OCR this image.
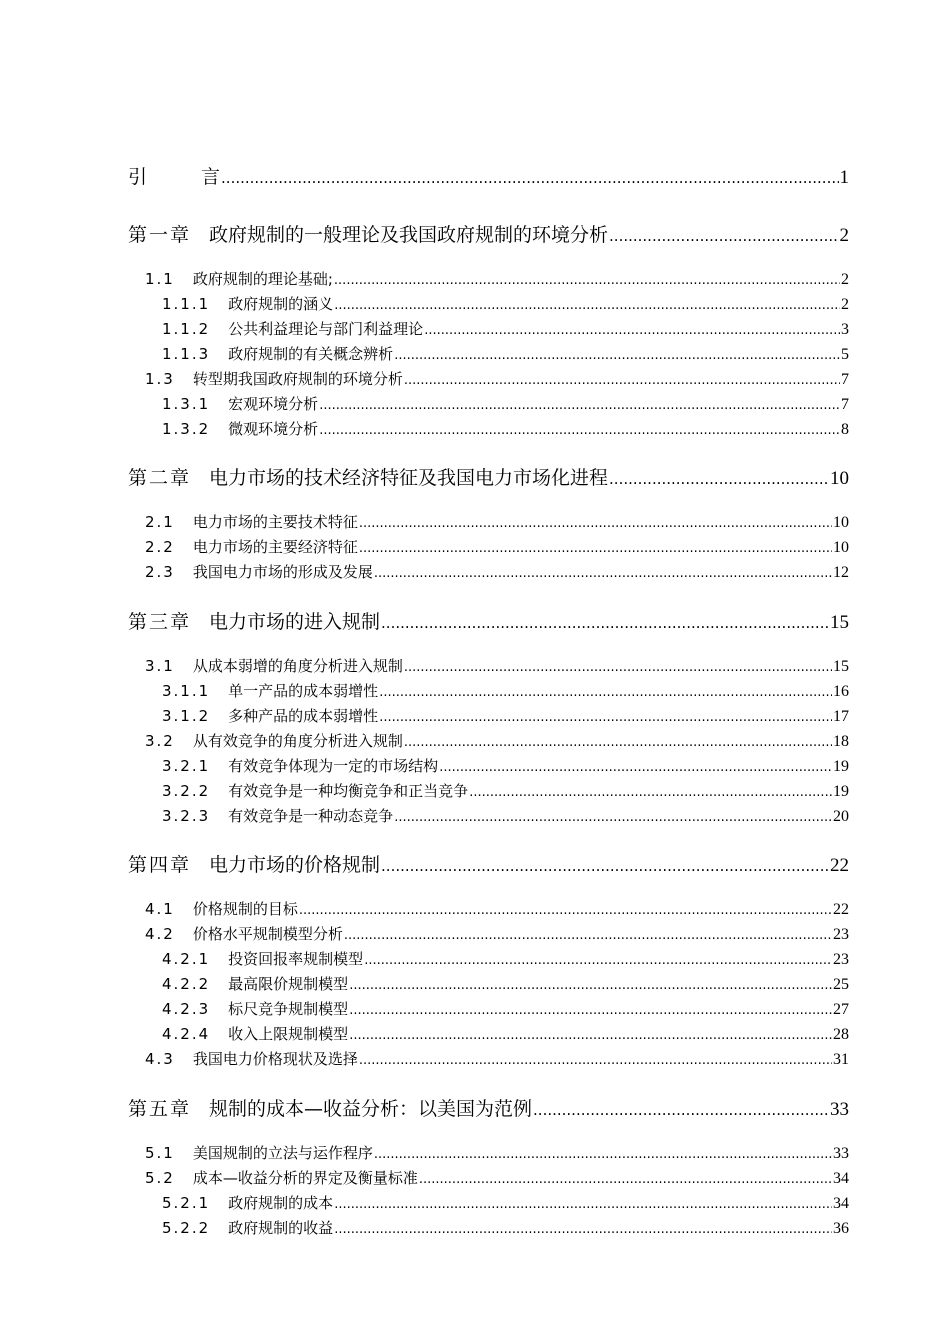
引	言 .....	1
第一章 政府规制的一般理论及我国政府规制的环境分析 .....	2
1.1 政府规制的理论基础; .....	2
1.1.1 政府规制的涵义 .....	2
1.1.2 公共利益理论与部门利益理论 .....	3
1.1.3 政府规制的有关概念辨析 .....	5
1.3 转型期我国政府规制的环境分析 .....	7
1.3.1 宏观环境分析 .....	7
1.3.2 微观环境分析 .....	8
第二章 电力市场的技术经济特征及我国电力市场化进程 .....	10
2.1 电力市场的主要技术特征 .....	10
2.2 电力市场的主要经济特征 .....	10
2.3 我国电力市场的形成及发展 .....	12
第三章 电力市场的进入规制 .....	15
3.1 从成本弱增的角度分析进入规制 .....	15
3.1.1 单一产品的成本弱增性 .....	16
3.1.2 多种产品的成本弱增性 .....	17
3.2 从有效竞争的角度分析进入规制 .....	18
3.2.1 有效竞争体现为一定的市场结构 .....	19
3.2.2 有效竞争是一种均衡竞争和正当竞争 .....	19
3.2.3 有效竞争是一种动态竞争 .....	20
第四章 电力市场的价格规制 .....	22
4.1 价格规制的目标 .....	22
4.2 价格水平规制模型分析 .....	23
4.2.1 投资回报率规制模型 .....	23
4.2.2 最高限价规制模型 .....	25
4.2.3 标尺竞争规制模型 .....	27
4.2.4 收入上限规制模型 .....	28
4.3 我国电力价格现状及选择 .....	31
第五章 规制的成本—收益分析：以美国为范例 .....	33
5.1 美国规制的立法与运作程序 .....	33
5.2 成本—收益分析的界定及衡量标准 .....	34
5.2.1 政府规制的成本 .....	34
5.2.2 政府规制的收益 .....	36
